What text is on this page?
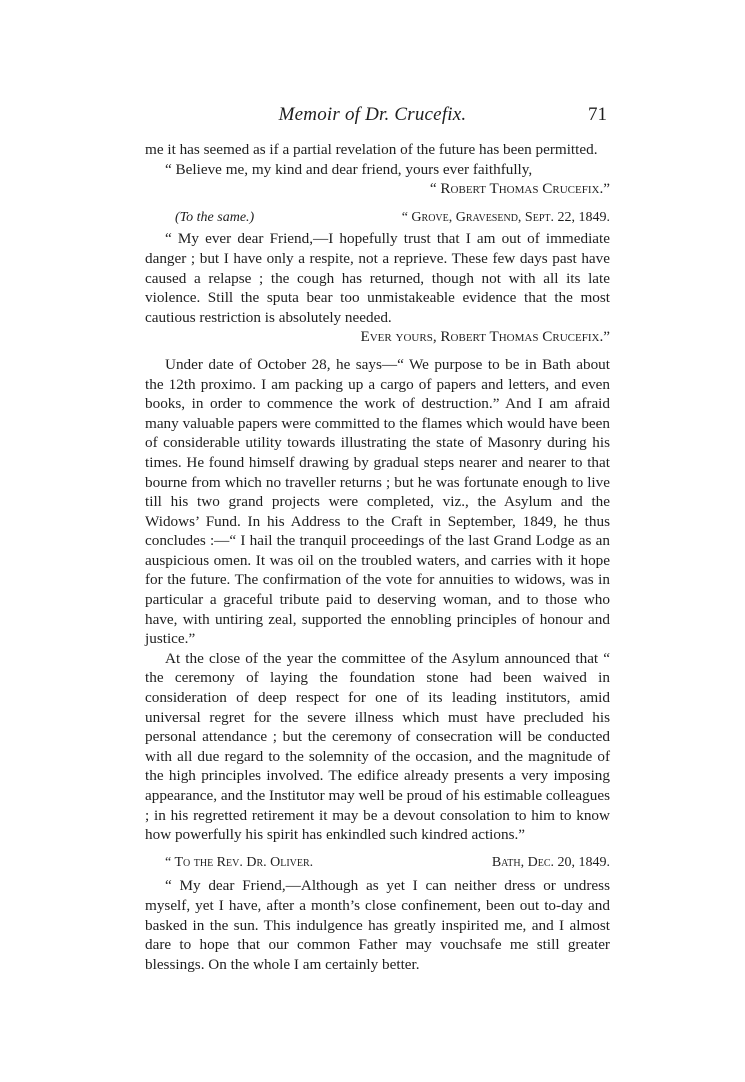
Memoir of Dr. Crucefix.	71

me it has seemed as if a partial revelation of the future has been permitted.

“ Believe me, my kind and dear friend, yours ever faithfully,

“ Robert Thomas Crucefix.”

(To the same.)	“ Grove, Gravesend, Sept. 22, 1849.

“ My ever dear Friend,—I hopefully trust that I am out of immediate danger ; but I have only a respite, not a reprieve. These few days past have caused a relapse ; the cough has returned, though not with all its late violence. Still the sputa bear too unmistakeable evidence that the most cautious restriction is absolutely needed.

Ever yours, Robert Thomas Crucefix.”

Under date of October 28, he says—“ We purpose to be in Bath about the 12th proximo. I am packing up a cargo of papers and letters, and even books, in order to commence the work of destruction.” And I am afraid many valuable papers were committed to the flames which would have been of considerable utility towards illustrating the state of Masonry during his times. He found himself drawing by gradual steps nearer and nearer to that bourne from which no traveller returns ; but he was fortunate enough to live till his two grand projects were completed, viz., the Asylum and the Widows’ Fund. In his Address to the Craft in September, 1849, he thus concludes :—“ I hail the tranquil proceedings of the last Grand Lodge as an auspicious omen. It was oil on the troubled waters, and carries with it hope for the future. The confirmation of the vote for annuities to widows, was in particular a graceful tribute paid to deserving woman, and to those who have, with untiring zeal, supported the ennobling principles of honour and justice.”

At the close of the year the committee of the Asylum announced that “ the ceremony of laying the foundation stone had been waived in consideration of deep respect for one of its leading institutors, amid universal regret for the severe illness which must have precluded his personal attendance ; but the ceremony of consecration will be conducted with all due regard to the solemnity of the occasion, and the magnitude of the high principles involved. The edifice already presents a very imposing appearance, and the Institutor may well be proud of his estimable colleagues ; in his regretted retirement it may be a devout consolation to him to know how powerfully his spirit has enkindled such kindred actions.”

“ To the Rev. Dr. Oliver.	Bath, Dec. 20, 1849.

“ My dear Friend,—Although as yet I can neither dress or undress myself, yet I have, after a month’s close confinement, been out to-day and basked in the sun. This indulgence has greatly inspirited me, and I almost dare to hope that our common Father may vouchsafe me still greater blessings. On the whole I am certainly better.
